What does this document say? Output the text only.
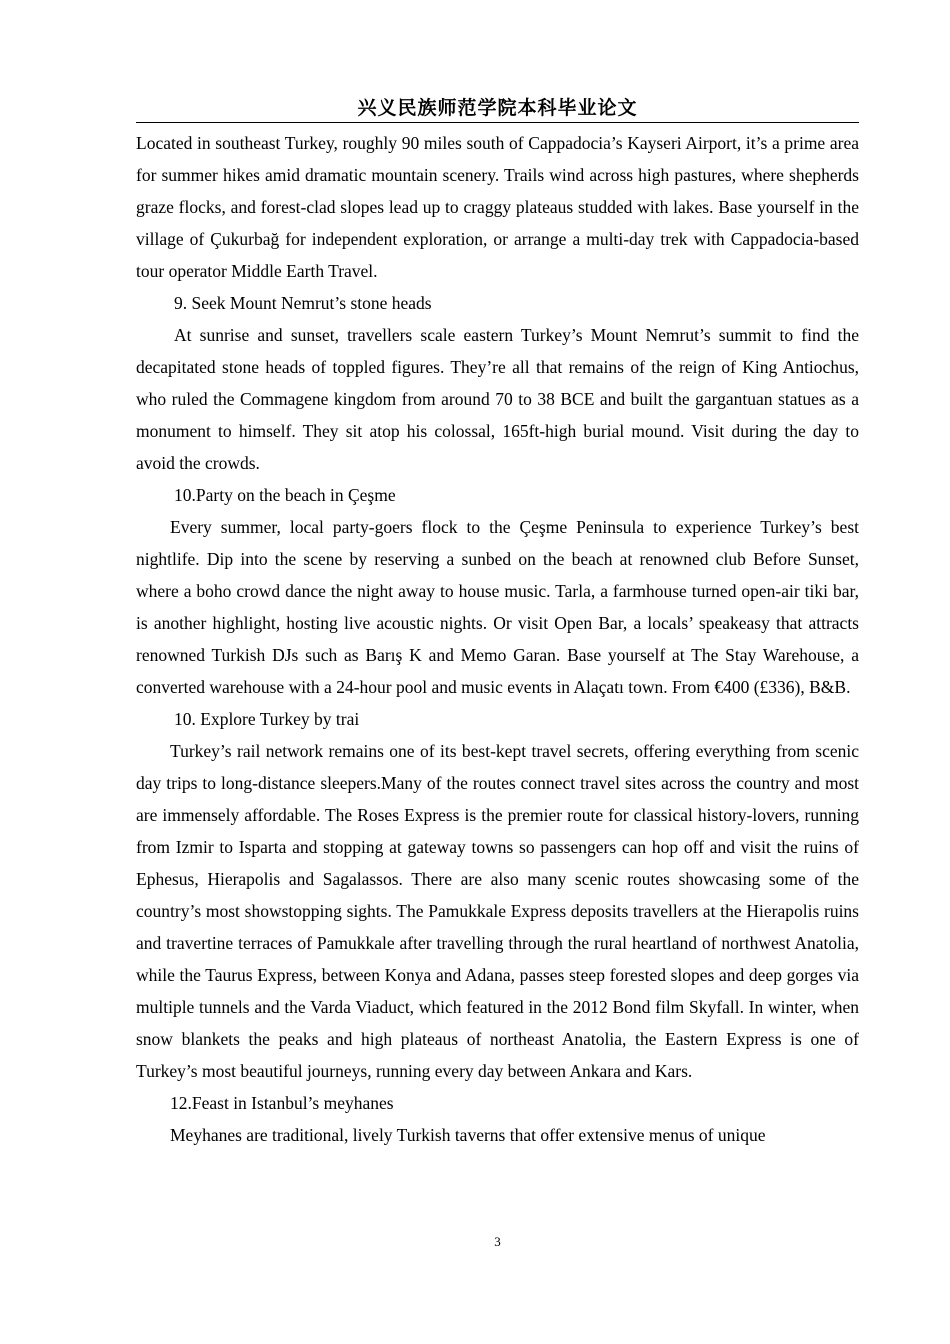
兴义民族师范学院本科毕业论文

Located in southeast Turkey, roughly 90 miles south of Cappadocia’s Kayseri Airport, it’s a prime area for summer hikes amid dramatic mountain scenery. Trails wind across high pastures, where shepherds graze flocks, and forest-clad slopes lead up to craggy plateaus studded with lakes. Base yourself in the village of Çukurbağ for independent exploration, or arrange a multi-day trek with Cappadocia-based tour operator Middle Earth Travel.

9. Seek Mount Nemrut’s stone heads

At sunrise and sunset, travellers scale eastern Turkey’s Mount Nemrut’s summit to find the decapitated stone heads of toppled figures. They’re all that remains of the reign of King Antiochus, who ruled the Commagene kingdom from around 70 to 38 BCE and built the gargantuan statues as a monument to himself. They sit atop his colossal, 165ft-high burial mound. Visit during the day to avoid the crowds.

10.Party on the beach in Çeşme

Every summer, local party-goers flock to the Çeşme Peninsula to experience Turkey’s best nightlife. Dip into the scene by reserving a sunbed on the beach at renowned club Before Sunset, where a boho crowd dance the night away to house music. Tarla, a farmhouse turned open-air tiki bar, is another highlight, hosting live acoustic nights. Or visit Open Bar, a locals’ speakeasy that attracts renowned Turkish DJs such as Barış K and Memo Garan. Base yourself at The Stay Warehouse, a converted warehouse with a 24-hour pool and music events in Alaçatı town. From €400 (£336), B&B.

10. Explore Turkey by trai

Turkey’s rail network remains one of its best-kept travel secrets, offering everything from scenic day trips to long-distance sleepers.Many of the routes connect travel sites across the country and most are immensely affordable. The Roses Express is the premier route for classical history-lovers, running from Izmir to Isparta and stopping at gateway towns so passengers can hop off and visit the ruins of Ephesus, Hierapolis and Sagalassos. There are also many scenic routes showcasing some of the country’s most showstopping sights. The Pamukkale Express deposits travellers at the Hierapolis ruins and travertine terraces of Pamukkale after travelling through the rural heartland of northwest Anatolia, while the Taurus Express, between Konya and Adana, passes steep forested slopes and deep gorges via multiple tunnels and the Varda Viaduct, which featured in the 2012 Bond film Skyfall. In winter, when snow blankets the peaks and high plateaus of northeast Anatolia, the Eastern Express is one of Turkey’s most beautiful journeys, running every day between Ankara and Kars.

12.Feast in Istanbul’s meyhanes

Meyhanes are traditional, lively Turkish taverns that offer extensive menus of unique

3
